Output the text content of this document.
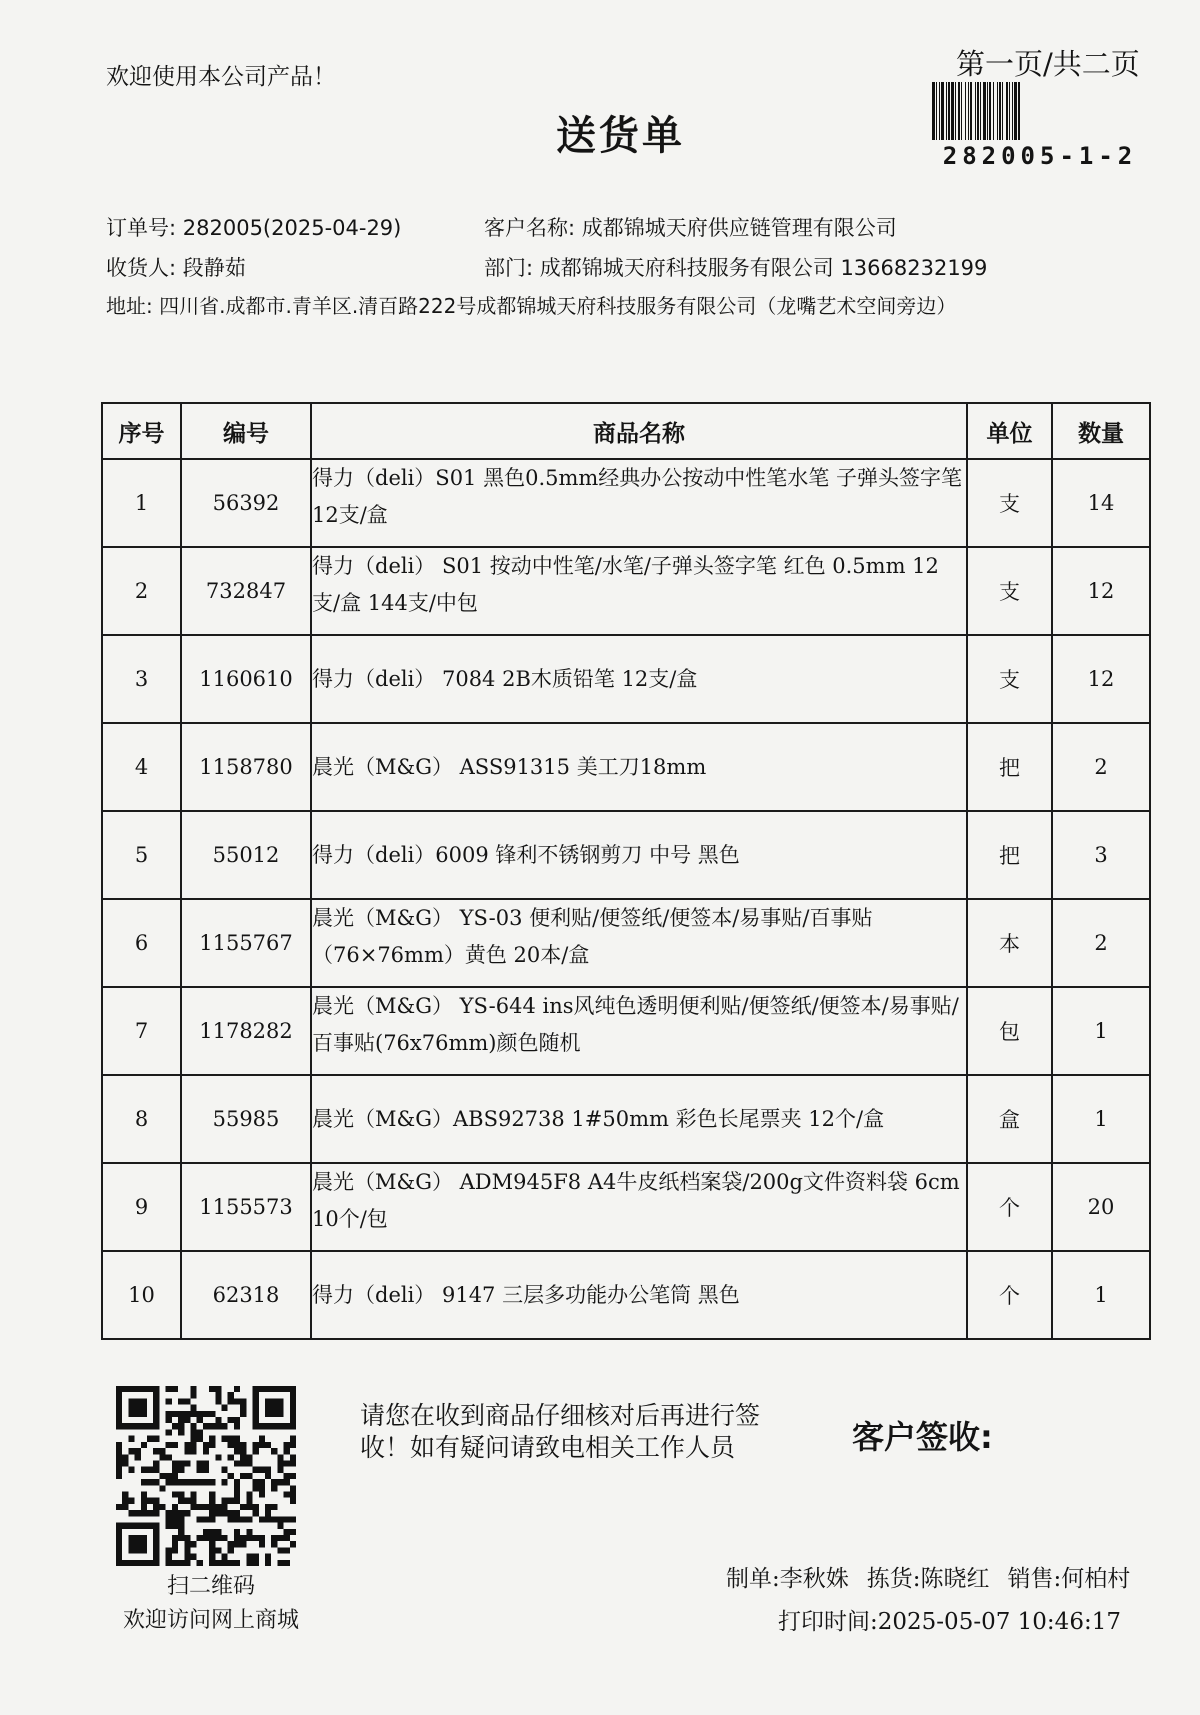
欢迎使用本公司产品！	第一页/共二页
282005-1-2
送货单
订单号: 282005(2025-04-29)	客户名称: 成都锦城天府供应链管理有限公司
收货人: 段静茹	部门: 成都锦城天府科技服务有限公司 13668232199
地址: 四川省.成都市.青羊区.清百路222号成都锦城天府科技服务有限公司（龙嘴艺术空间旁边）
序号	编号	商品名称	单位	数量
1	56392	得力（deli）S01 黑色0.5mm经典办公按动中性笔水笔 子弹头签字笔 12支/盒	支	14
2	732847	得力（deli） S01 按动中性笔/水笔/子弹头签字笔 红色 0.5mm 12支/盒 144支/中包	支	12
3	1160610	得力（deli） 7084 2B木质铅笔 12支/盒	支	12
4	1158780	晨光（M&G） ASS91315 美工刀18mm	把	2
5	55012	得力（deli）6009 锋利不锈钢剪刀 中号 黑色	把	3
6	1155767	晨光（M&G） YS-03 便利贴/便签纸/便签本/易事贴/百事贴（76×76mm）黄色 20本/盒	本	2
7	1178282	晨光（M&G） YS-644 ins风纯色透明便利贴/便签纸/便签本/易事贴/百事贴(76x76mm)颜色随机	包	1
8	55985	晨光（M&G）ABS92738 1#50mm 彩色长尾票夹 12个/盒	盒	1
9	1155573	晨光（M&G） ADM945F8 A4牛皮纸档案袋/200g文件资料袋 6cm 10个/包	个	20
10	62318	得力（deli） 9147 三层多功能办公笔筒 黑色	个	1
扫二维码
欢迎访问网上商城
请您在收到商品仔细核对后再进行签收！如有疑问请致电相关工作人员	客户签收:
制单:李秋姝 拣货:陈晓红 销售:何柏村
打印时间:2025-05-07 10:46:17
